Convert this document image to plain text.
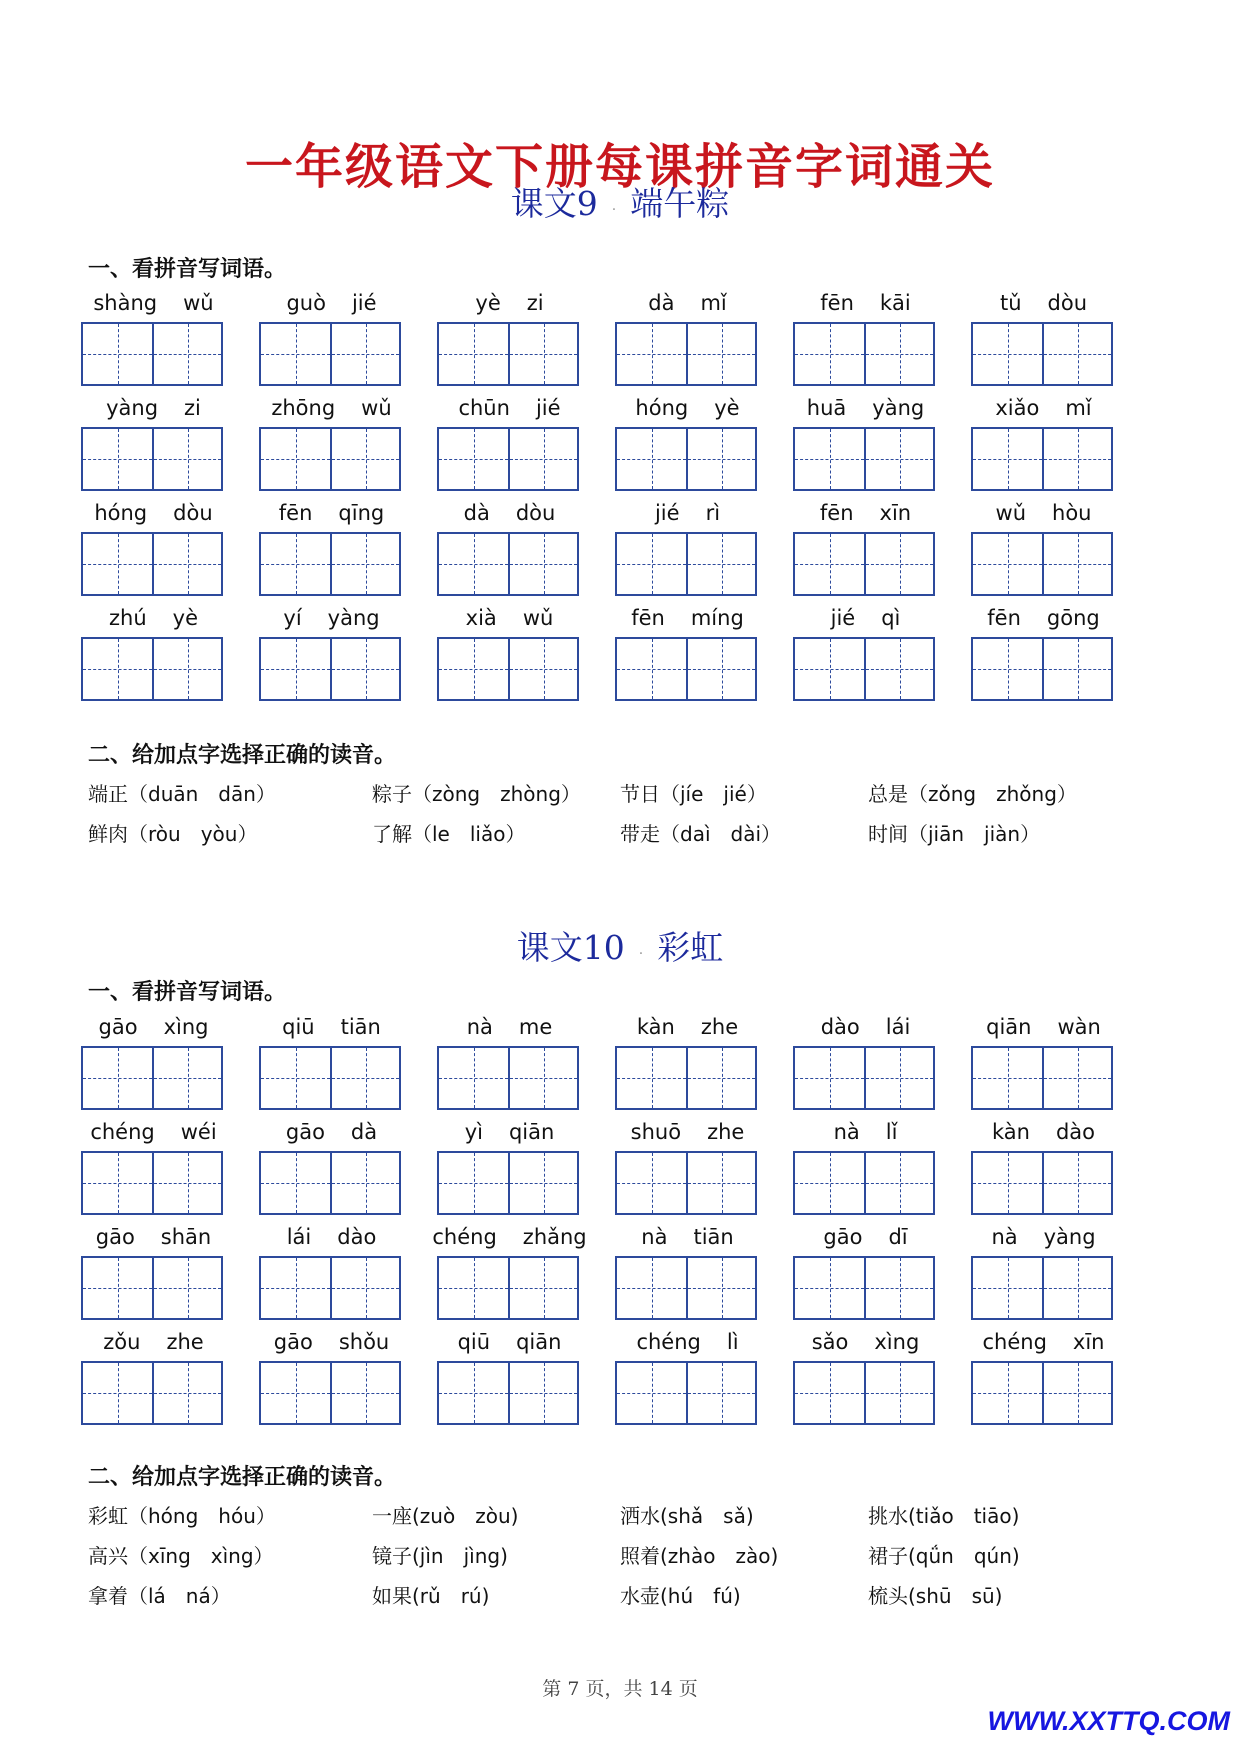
一年级语文下册每课拼音字词通关
课文9 . 端午粽
一、看拼音写词语。
shàng wǔ	guò jié	yè zi	dà mǐ	fēn kāi	tǔ dòu
yàng zi	zhōng wǔ	chūn jié	hóng yè	huā yàng	xiǎo mǐ
hóng dòu	fēn qīng	dà dòu	jié rì	fēn xīn	wǔ hòu
zhú yè	yí yàng	xià wǔ	fēn míng	jié qì	fēn gōng
二、给加点字选择正确的读音。
端正（duān　dān）	粽子（zòng　zhòng） 节日（jíe　jié）	总是（zǒng　zhǒng）
鲜肉（ròu　yòu）	了解（le　liǎo）	带走（daì　dài）	时间（jiān　jiàn）
课文10 . 彩虹
一、看拼音写词语。
gāo xìng	qiū tiān	nà me	kàn zhe	dào lái	qiān wàn
chéng wéi	gāo dà	yì qiān	shuō zhe	nà lǐ	kàn dào
gāo shān	lái dào	chéng zhǎng	nà tiān	gāo dī	nà yàng
zǒu zhe	gāo shǒu	qiū qiān	chéng lì	sǎo xìng	chéng xīn
二、给加点字选择正确的读音。
彩虹（hóng　hóu）	一座(zuò　zòu)	洒水(shǎ　sǎ)	挑水(tiǎo　tiāo)
高兴（xīng　xìng）	镜子(jìn　jìng)	照着(zhào　zào)	裙子(qǘn　qún)
拿着（lá　ná）	如果(rǔ　rú)	水壶(hú　fú)	梳头(shū　sū)
第 7 页，共 14 页
WWW.XXTTQ.COM
